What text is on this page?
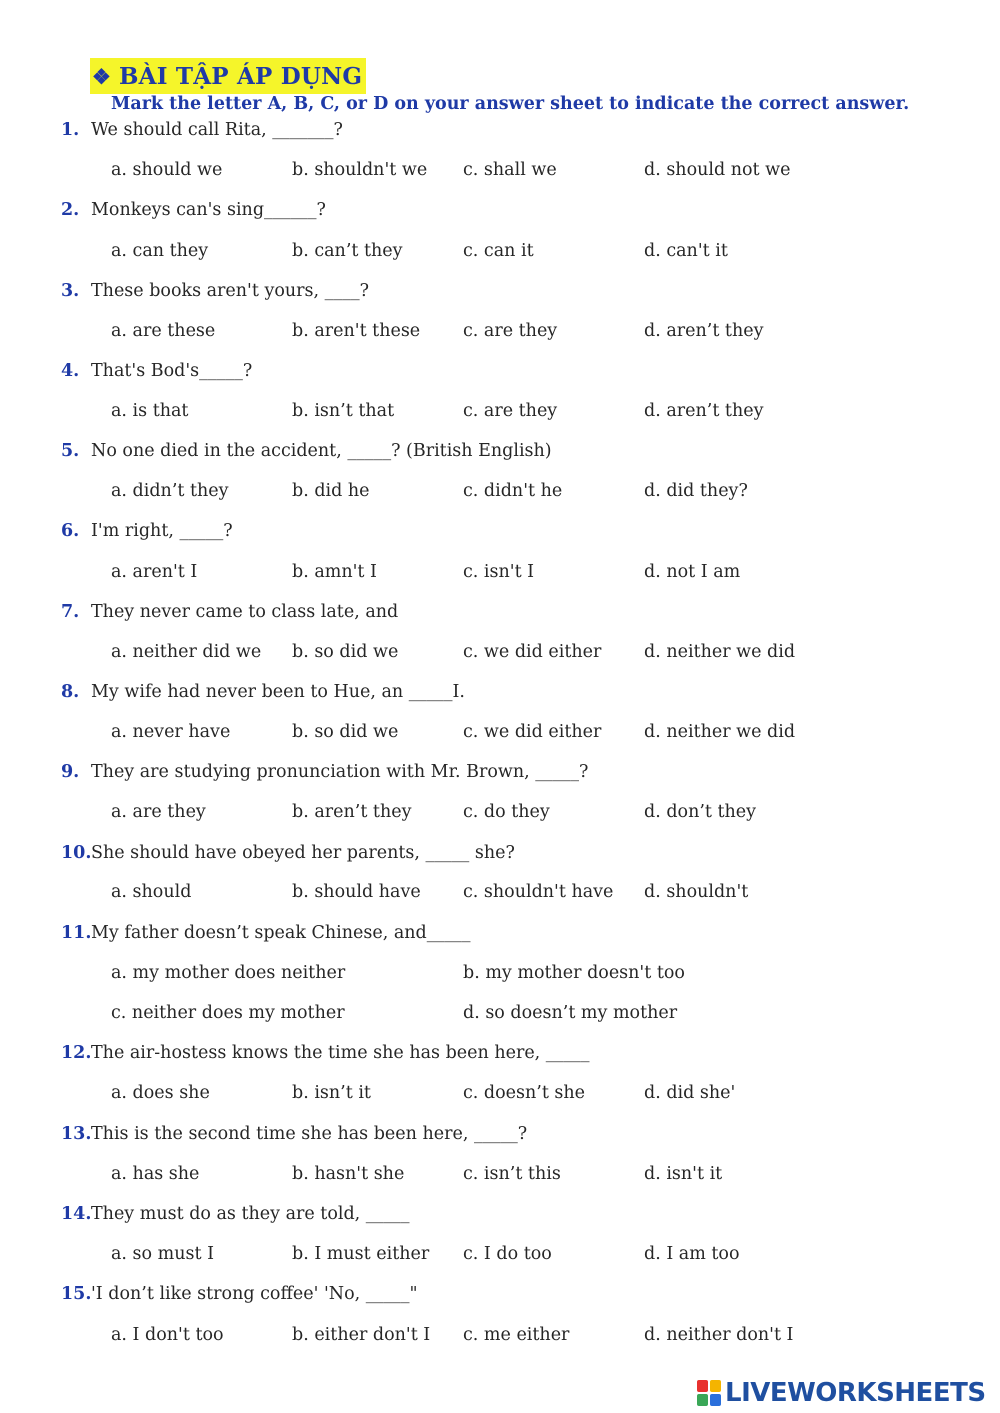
❖ BÀI TẬP ÁP DỤNG
Mark the letter A, B, C, or D on your answer sheet to indicate the correct answer.
1. We should call Rita, _______?
a. should we	b. shouldn't we c. shall we	d. should not we
2. Monkeys can's sing______?
a. can they	b. can’t they	c. can it	d. can't it
3. These books aren't yours, ____?
a. are these	b. aren't these c. are they	d. aren’t they
4. That's Bod's_____?
a. is that	b. isn’t that	c. are they	d. aren’t they
5. No one died in the accident, _____? (British English)
a. didn’t they	b. did he	c. didn't he	d. did they?
6. I'm right, _____?
a. aren't I	b. amn't I	c. isn't I	d. not I am
7. They never came to class late, and
a. neither did we b. so did we	c. we did either d. neither we did
8. My wife had never been to Hue, an _____I.
a. never have	b. so did we	c. we did either d. neither we did
9. They are studying pronunciation with Mr. Brown, _____?
a. are they	b. aren’t they	c. do they	d. don’t they
10. She should have obeyed her parents, _____ she?
a. should	b. should have c. shouldn't have d. shouldn't
11. My father doesn’t speak Chinese, and_____
a. my mother does neither	b. my mother doesn't too
c. neither does my mother	d. so doesn’t my mother
12. The air-hostess knows the time she has been here, _____
a. does she	b. isn’t it	c. doesn’t she	d. did she'
13. This is the second time she has been here, _____?
a. has she	b. hasn't she	c. isn’t this	d. isn't it
14. They must do as they are told, _____
a. so must I	b. I must either c. I do too	d. I am too
15. 'I don’t like strong coffee' 'No, _____"
a. I don't too	b. either don't I c. me either	d. neither don't I
LIVEWORKSHEETS
